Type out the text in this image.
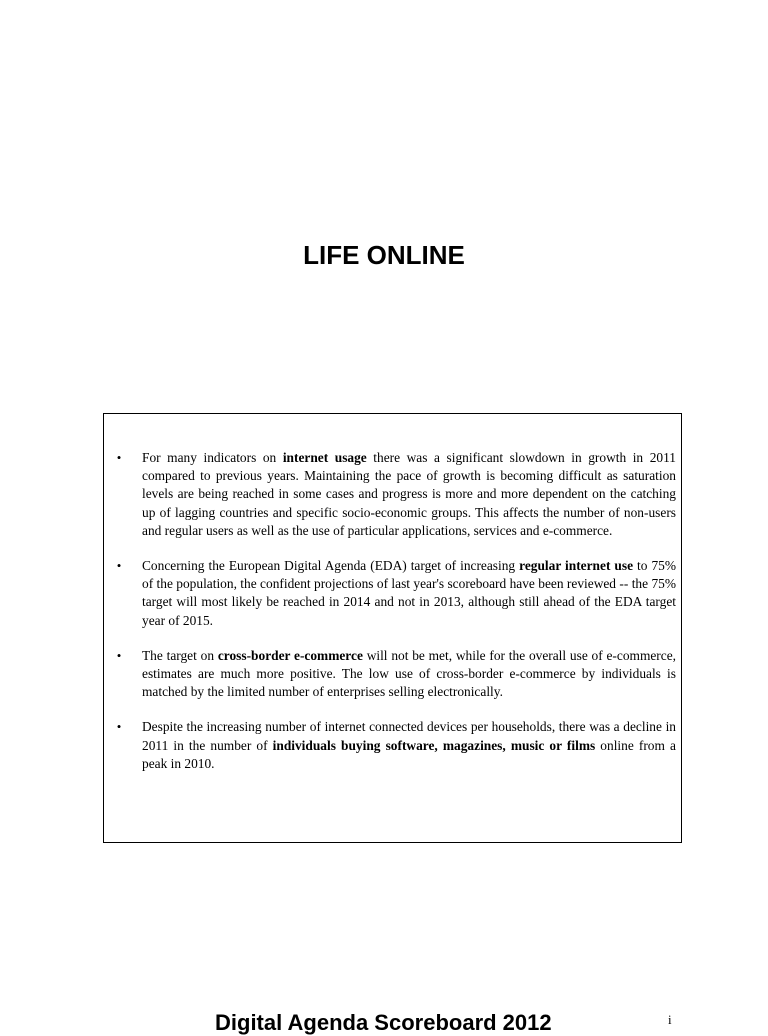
LIFE ONLINE
• For many indicators on internet usage there was a significant slowdown in growth in 2011 compared to previous years. Maintaining the pace of growth is becoming difficult as saturation levels are being reached in some cases and progress is more and more dependent on the catching up of lagging countries and specific socio-economic groups. This affects the number of non-users and regular users as well as the use of particular applications, services and e-commerce.
• Concerning the European Digital Agenda (EDA) target of increasing regular internet use to 75% of the population, the confident projections of last year's scoreboard have been reviewed -- the 75% target will most likely be reached in 2014 and not in 2013, although still ahead of the EDA target year of 2015.
• The target on cross-border e-commerce will not be met, while for the overall use of e-commerce, estimates are much more positive. The low use of cross-border e-commerce by individuals is matched by the limited number of enterprises selling electronically.
• Despite the increasing number of internet connected devices per households, there was a decline in 2011 in the number of individuals buying software, magazines, music or films online from a peak in 2010.

Digital Agenda Scoreboard 2012	i
